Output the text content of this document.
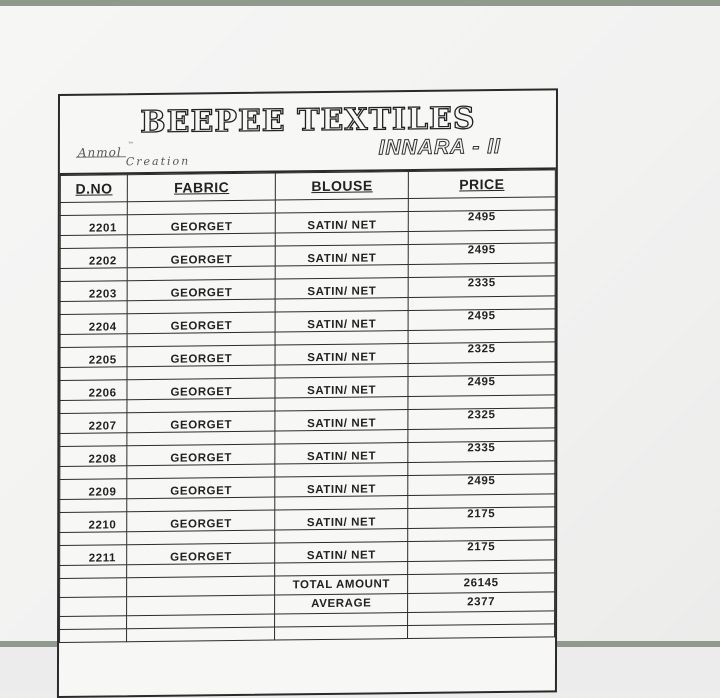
BEEPEE TEXTILES
Anmol
™
Creation
INNARA - II
D.NO	FABRIC	BLOUSE	PRICE

2201	GEORGET	SATIN/ NET	2495

2202	GEORGET	SATIN/ NET	2495

2203	GEORGET	SATIN/ NET	2335

2204	GEORGET	SATIN/ NET	2495

2205	GEORGET	SATIN/ NET	2325

2206	GEORGET	SATIN/ NET	2495

2207	GEORGET	SATIN/ NET	2325

2208	GEORGET	SATIN/ NET	2335

2209	GEORGET	SATIN/ NET	2495

2210	GEORGET	SATIN/ NET	2175

2211	GEORGET	SATIN/ NET	2175

		TOTAL AMOUNT	26145
		AVERAGE	2377
